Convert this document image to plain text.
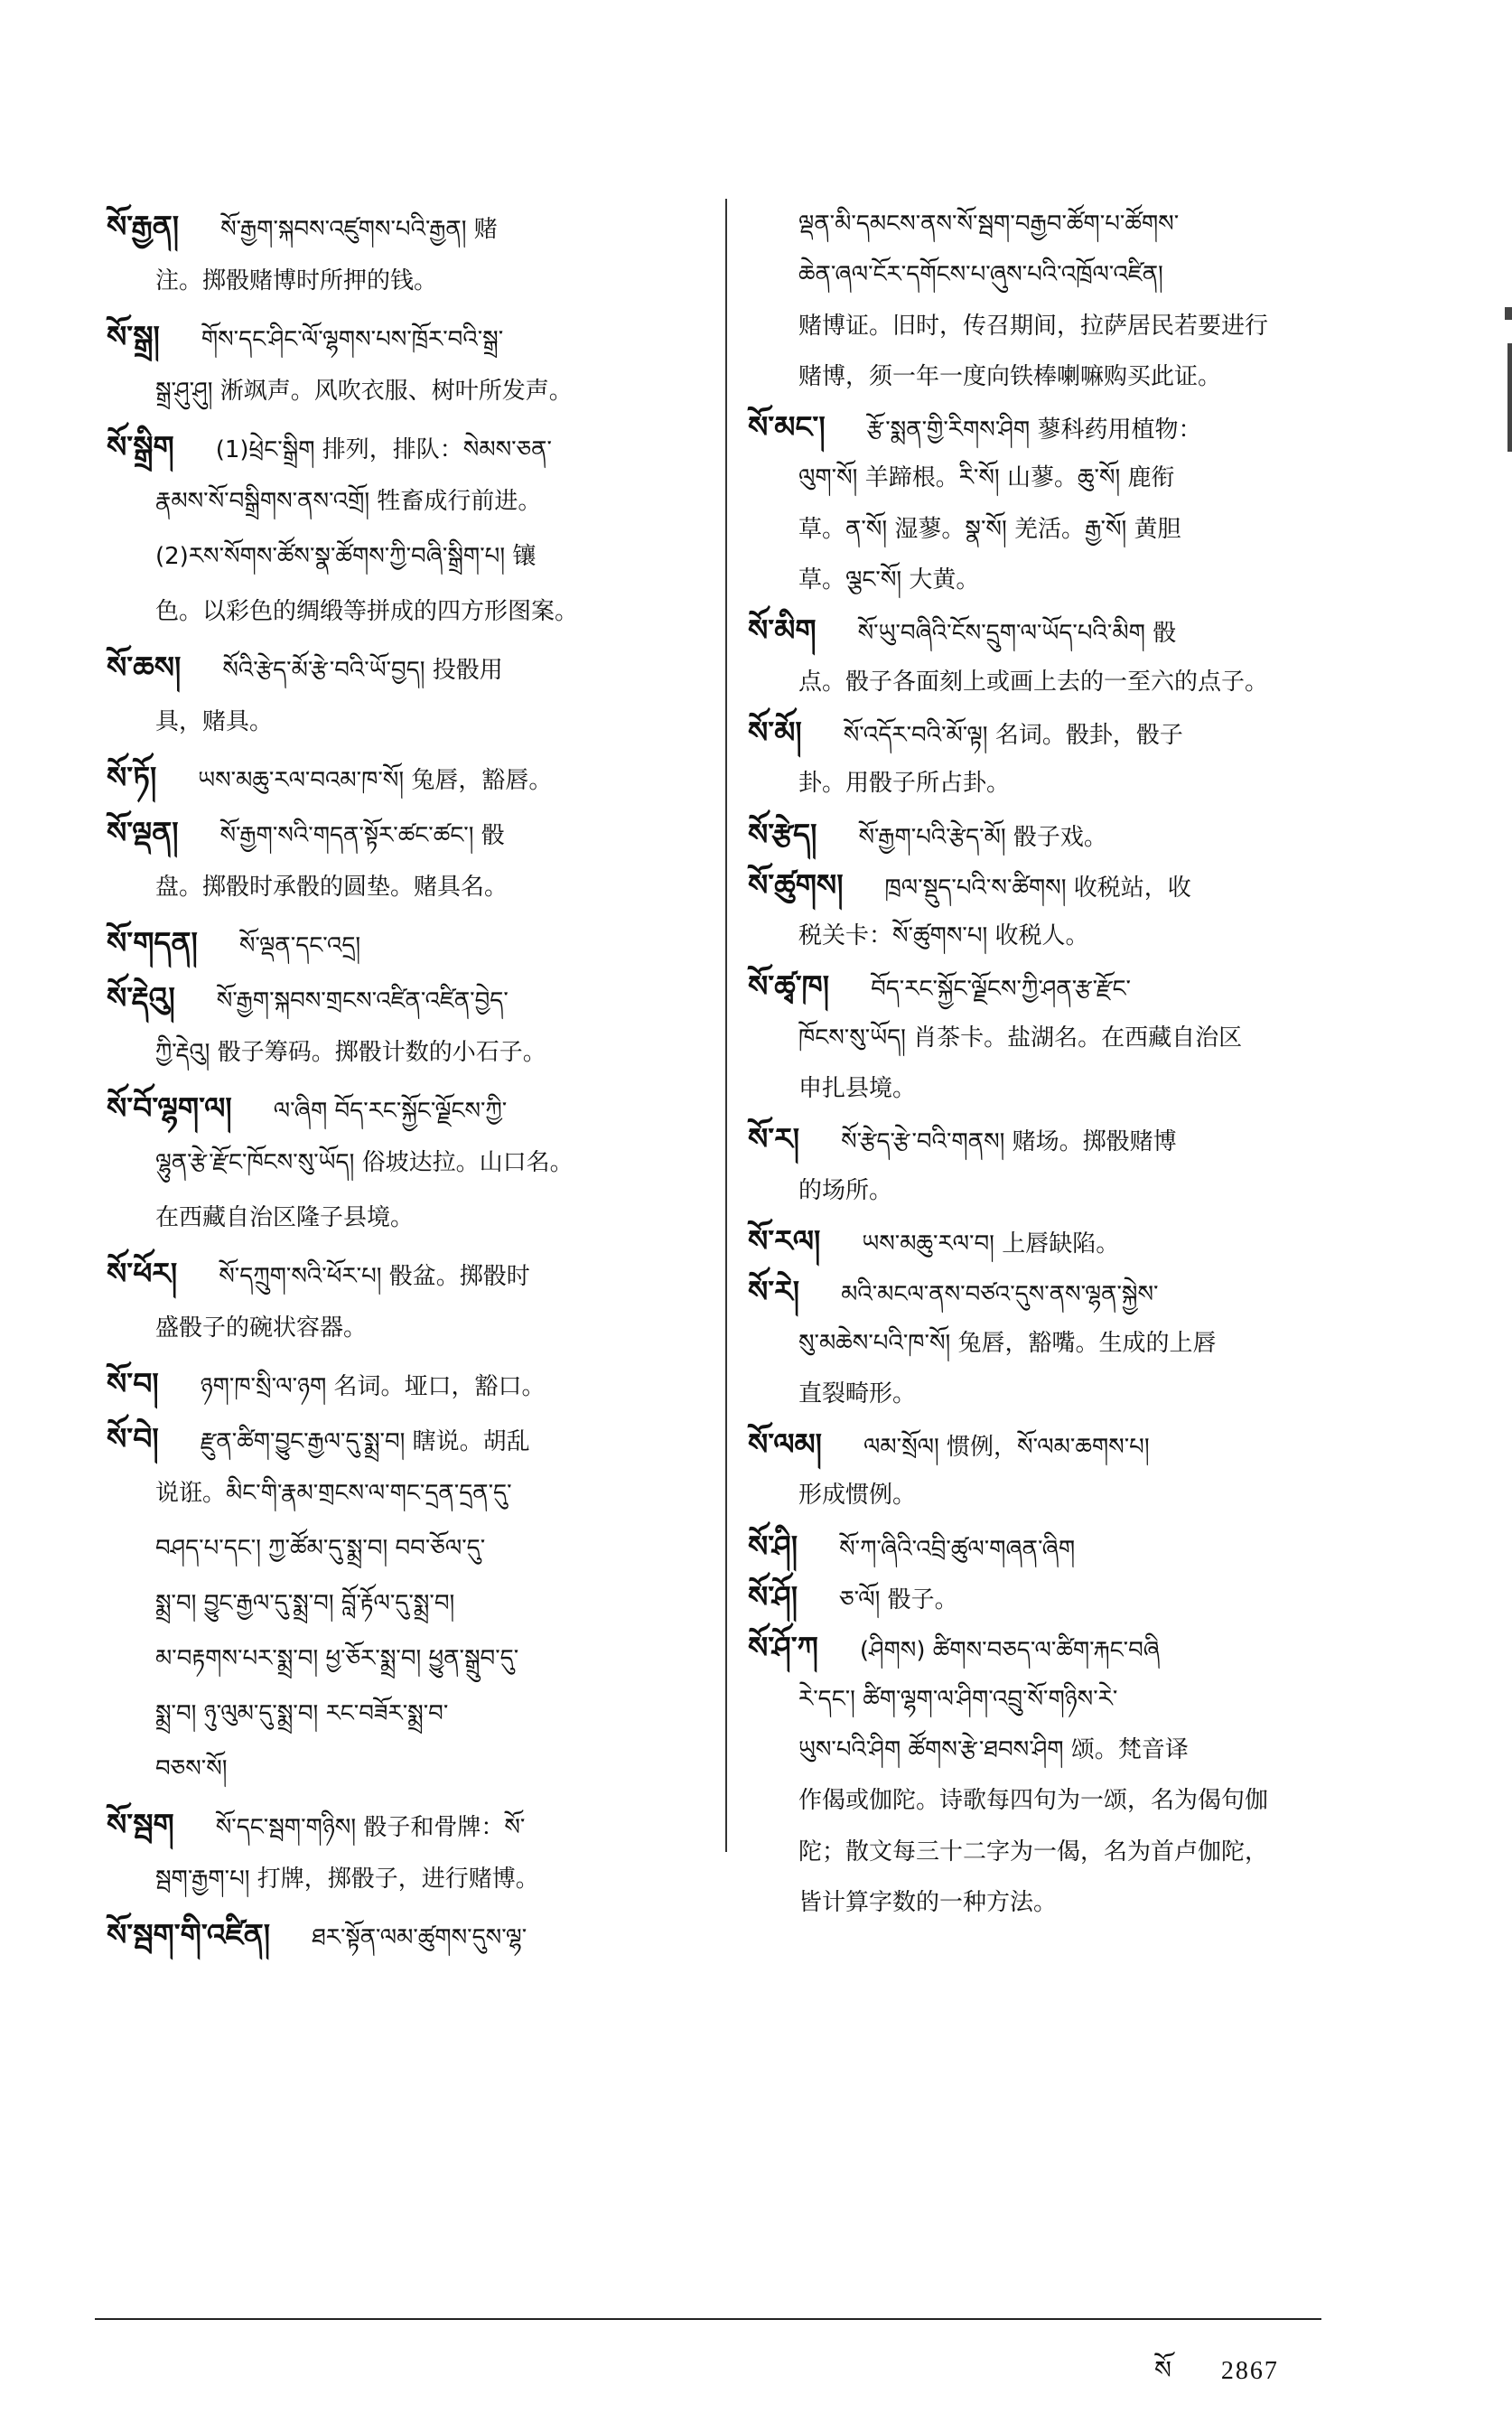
སོ་རྒྱན། སོ་རྒྱག་སྐབས་འཛུགས་པའི་རྒྱན། 赌
注。掷骰赌博时所押的钱。
སོ་སྒྲ། གོས་དང་ཤིང་ལོ་ལྷགས་པས་ཁྲོར་བའི་སྒྲ་
སྒྲ་ཤུ་ཤུ། 淅飒声。风吹衣服、树叶所发声。
སོ་སྒྲིག (1)ཕྲེང་སྒྲིག 排列，排队：སེམས་ཅན་
རྣམས་སོ་བསྒྲིགས་ནས་འགྲོ། 牲畜成行前进。
(2)རས་སོགས་ཚོས་སྣ་ཚོགས་ཀྱི་བཞི་སྒྲིག་པ། 镶
色。以彩色的绸缎等拼成的四方形图案。
སོ་ཆས། སོའི་རྩེད་མོ་རྩེ་བའི་ཡོ་བྱད། 投骰用
具，赌具。
སོ་ཏོ། ཡས་མཆུ་རལ་བའམ་ཁ་སོ། 兔唇，豁唇。
སོ་ལྡན། སོ་རྒྱག་སའི་གདན་སྟོར་ཚང་ཚང་། 骰
盘。掷骰时承骰的圆垫。赌具名。
སོ་གདན། སོ་ལྡན་དང་འདྲ།
སོ་རྡེའུ། སོ་རྒྱག་སྐབས་གྲངས་འཛིན་འཛིན་བྱེད་
ཀྱི་རྡེའུ། 骰子筹码。掷骰计数的小石子。
སོ་བོ་ལྷག་ལ། ལ་ཞིག བོད་རང་སྐྱོང་ལྗོངས་ཀྱི་
ལྷུན་རྩེ་རྫོང་ཁོངས་སུ་ཡོད། 俗坡达拉。山口名。
在西藏自治区隆子县境。
སོ་ཕོར། སོ་དཀྲུག་སའི་ཕོར་པ། 骰盆。掷骰时
盛骰子的碗状容器。
སོ་བ། ཉག་ཁ་སྲི་ལ་ཉག 名词。垭口，豁口。
སོ་བེ། རྫུན་ཚིག་བྱུང་རྒྱལ་དུ་སྨྲ་བ། 瞎说。胡乱
说诳。མིང་གི་རྣམ་གྲངས་ལ་གང་དྲན་དྲན་དུ་
བཤད་པ་དང་། ཀྱ་ཚོམ་དུ་སྨྲ་བ། བབ་ཅོལ་དུ་
སྨྲ་བ། བྱུང་རྒྱལ་དུ་སྨྲ་བ། བློ་རྟོལ་དུ་སྨྲ་བ།
མ་བརྟགས་པར་སྨྲ་བ། ཕྱ་ཅོར་སྨྲ་བ། ཕྱུན་སྒྲུབ་དུ་
སྨྲ་བ། ཉུ་ལུམ་དུ་སྨྲ་བ། རང་བཟོར་སྨྲ་བ་
བཅས་སོ།
སོ་སྦག སོ་དང་སྦག་གཉིས། 骰子和骨牌：སོ་
སྦག་རྒྱག་པ། 打牌，掷骰子，进行赌博。
སོ་སྦག་གི་འཛིན། ཐར་སྟོན་ལམ་ཚུགས་དུས་ལྷ་
ལྡན་མི་དམངས་ནས་སོ་སྦག་བརྒྱབ་ཚོག་པ་ཚོགས་
ཆེན་ཞལ་ངོར་དགོངས་པ་ཞུས་པའི་འཁྲོལ་འཛིན།
赌博证。旧时，传召期间，拉萨居民若要进行
赌博，须一年一度向铁棒喇嘛购买此证。
སོ་མང་། རྩོ་སྨན་གྱི་རིགས་ཤིག 蓼科药用植物：
ལུག་སོ། 羊蹄根。རི་སོ། 山蓼。ཆུ་སོ། 鹿衔
草。ན་སོ། 湿蓼。སྣ་སོ། 羌活。རྒྱ་སོ། 黄胆
草。ལྕང་སོ། 大黄。
སོ་མིག སོ་ཡུ་བཞིའི་ངོས་དྲུག་ལ་ཡོད་པའི་མིག 骰
点。骰子各面刻上或画上去的一至六的点子。
སོ་མོ། སོ་འདོར་བའི་མོ་ལྟ། 名词。骰卦，骰子
卦。用骰子所占卦。
སོ་རྩེད། སོ་རྒྱག་པའི་རྩེད་མོ། 骰子戏。
སོ་ཚུགས། ཁྲལ་སྡུད་པའི་ས་ཚིགས། 收税站，收
税关卡：སོ་ཚུགས་པ། 收税人。
སོ་ཚྭ་ཁ། བོད་རང་སྐྱོང་ལྗོངས་ཀྱི་ཤན་རྩ་རྫོང་
ཁོངས་སུ་ཡོད། 肖茶卡。盐湖名。在西藏自治区
申扎县境。
སོ་ར། སོ་རྩེད་རྩེ་བའི་གནས། 赌场。掷骰赌博
的场所。
སོ་རལ། ཡས་མཆུ་རལ་བ། 上唇缺陷。
སོ་རེ། མའི་མངལ་ནས་བཙའ་དུས་ནས་ལྷན་སྐྱེས་
སུ་མཆེས་པའི་ཁ་སོ། 兔唇，豁嘴。生成的上唇
直裂畸形。
སོ་ལམ། ལམ་སྲོལ། 惯例，སོ་ལམ་ཆགས་པ།
形成惯例。
སོ་ཤི། སོ་ཀ་ཞིའི་འབྲི་ཚུལ་གཞན་ཞིག
སོ་ཤོ། ཅ་ལོ། 骰子。
སོ་ཤོ་ཀ (ཤིགས) ཚིགས་བཅད་ལ་ཚིག་རྐང་བཞི
རེ་དང་། ཚིག་ལྷག་ལ་ཤིག་འབྲུ་སོ་གཉིས་རེ་
ཡུས་པའི་ཤིག ཚོགས་རྩེ་ཐབས་ཤིག 颂。梵音译
作偈或伽陀。诗歌每四句为一颂，名为偈句伽
陀；散文每三十二字为一偈，名为首卢伽陀，
皆计算字数的一种方法。
སོ 2867
